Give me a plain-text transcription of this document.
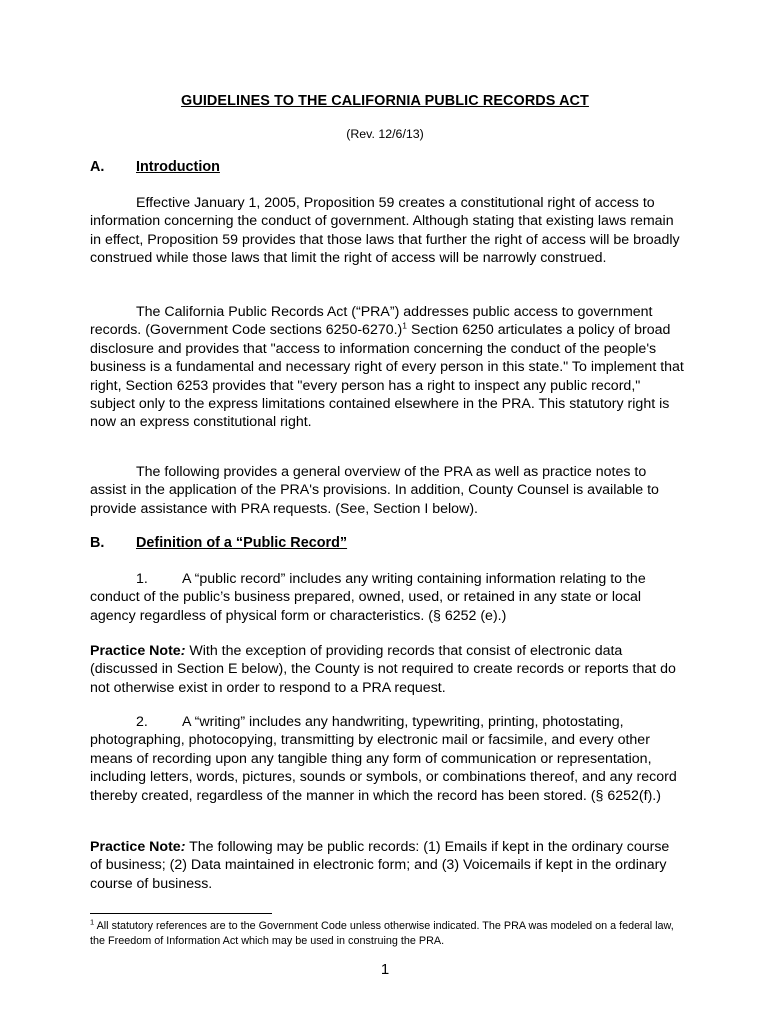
GUIDELINES TO THE CALIFORNIA PUBLIC RECORDS ACT
(Rev. 12/6/13)
A. Introduction
Effective January 1, 2005, Proposition 59 creates a constitutional right of access to information concerning the conduct of government. Although stating that existing laws remain in effect, Proposition 59 provides that those laws that further the right of access will be broadly construed while those laws that limit the right of access will be narrowly construed.
The California Public Records Act (“PRA”) addresses public access to government records. (Government Code sections 6250-6270.)$^1$ Section 6250 articulates a policy of broad disclosure and provides that "access to information concerning the conduct of the people's business is a fundamental and necessary right of every person in this state." To implement that right, Section 6253 provides that "every person has a right to inspect any public record," subject only to the express limitations contained elsewhere in the PRA. This statutory right is now an express constitutional right.
The following provides a general overview of the PRA as well as practice notes to assist in the application of the PRA's provisions. In addition, County Counsel is available to provide assistance with PRA requests. (See, Section I below).
B. Definition of a “Public Record”
1. A “public record” includes any writing containing information relating to the conduct of the public’s business prepared, owned, used, or retained in any state or local agency regardless of physical form or characteristics. (§ 6252 (e).)
Practice Note: With the exception of providing records that consist of electronic data (discussed in Section E below), the County is not required to create records or reports that do not otherwise exist in order to respond to a PRA request.
2. A “writing” includes any handwriting, typewriting, printing, photostating, photographing, photocopying, transmitting by electronic mail or facsimile, and every other means of recording upon any tangible thing any form of communication or representation, including letters, words, pictures, sounds or symbols, or combinations thereof, and any record thereby created, regardless of the manner in which the record has been stored. (§ 6252(f).)
Practice Note: The following may be public records: (1) Emails if kept in the ordinary course of business; (2) Data maintained in electronic form; and (3) Voicemails if kept in the ordinary course of business.
$^1$ All statutory references are to the Government Code unless otherwise indicated. The PRA was modeled on a federal law, the Freedom of Information Act which may be used in construing the PRA.
1
